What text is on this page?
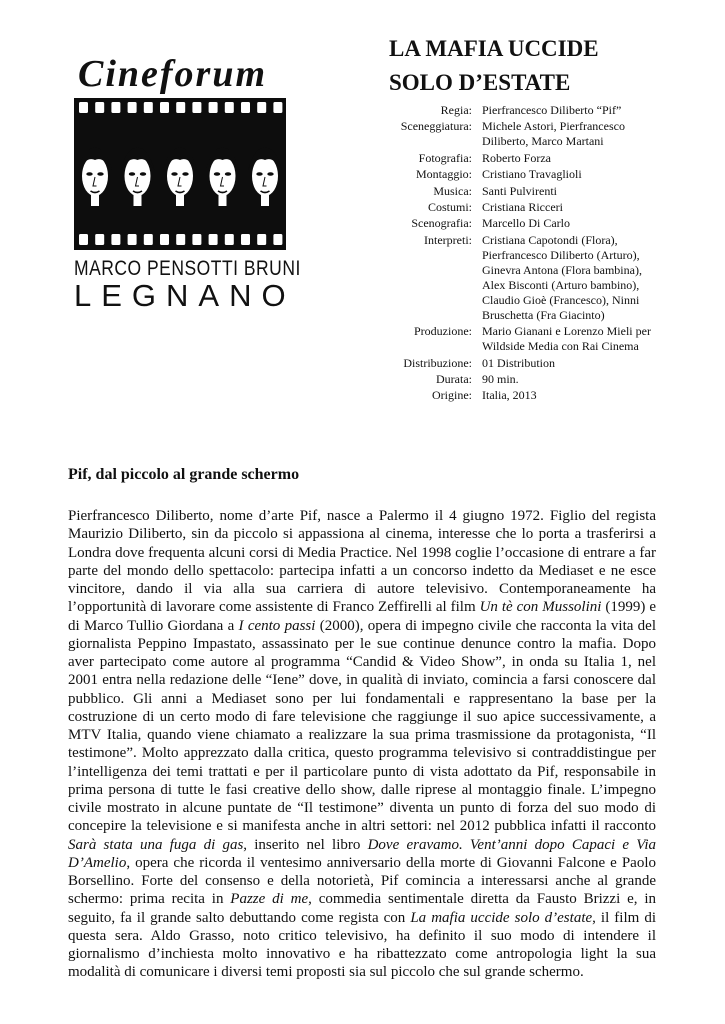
Cineforum
MARCO PENSOTTI BRUNI
LEGNANO
LA MAFIA UCCIDE
SOLO D’ESTATE
Regia: Pierfrancesco Diliberto “Pif”
Sceneggiatura: Michele Astori, Pierfrancesco Diliberto, Marco Martani
Fotografia: Roberto Forza
Montaggio: Cristiano Travaglioli
Musica: Santi Pulvirenti
Costumi: Cristiana Ricceri
Scenografia: Marcello Di Carlo
Interpreti: Cristiana Capotondi (Flora), Pierfrancesco Diliberto (Arturo), Ginevra Antona (Flora bambina), Alex Bisconti (Arturo bambino), Claudio Gioè (Francesco), Ninni Bruschetta (Fra Giacinto)
Produzione: Mario Gianani e Lorenzo Mieli per Wildside Media con Rai Cinema
Distribuzione: 01 Distribution
Durata: 90 min.
Origine: Italia, 2013
Pif, dal piccolo al grande schermo

Pierfrancesco Diliberto, nome d’arte Pif, nasce a Palermo il 4 giugno 1972. Figlio del regista Maurizio Diliberto, sin da piccolo si appassiona al cinema, interesse che lo porta a trasferirsi a Londra dove frequenta alcuni corsi di Media Practice. Nel 1998 coglie l’occasione di entrare a far parte del mondo dello spettacolo: partecipa infatti a un concorso indetto da Mediaset e ne esce vincitore, dando il via alla sua carriera di autore televisivo. Contemporaneamente ha l’opportunità di lavorare come assistente di Franco Zeffirelli al film Un tè con Mussolini (1999) e di Marco Tullio Giordana a I cento passi (2000), opera di impegno civile che racconta la vita del giornalista Peppino Impastato, assassinato per le sue continue denunce contro la mafia. Dopo aver partecipato come autore al programma “Candid & Video Show”, in onda su Italia 1, nel 2001 entra nella redazione delle “Iene” dove, in qualità di inviato, comincia a farsi conoscere dal pubblico. Gli anni a Mediaset sono per lui fondamentali e rappresentano la base per la costruzione di un certo modo di fare televisione che raggiunge il suo apice successivamente, a MTV Italia, quando viene chiamato a realizzare la sua prima trasmissione da protagonista, “Il testimone”. Molto apprezzato dalla critica, questo programma televisivo si contraddistingue per l’intelligenza dei temi trattati e per il particolare punto di vista adottato da Pif, responsabile in prima persona di tutte le fasi creative dello show, dalle riprese al montaggio finale. L’impegno civile mostrato in alcune puntate de “Il testimone” diventa un punto di forza del suo modo di concepire la televisione e si manifesta anche in altri settori: nel 2012 pubblica infatti il racconto Sarà stata una fuga di gas, inserito nel libro Dove eravamo. Vent’anni dopo Capaci e Via D’Amelio, opera che ricorda il ventesimo anniversario della morte di Giovanni Falcone e Paolo Borsellino. Forte del consenso e della notorietà, Pif comincia a interessarsi anche al grande schermo: prima recita in Pazze di me, commedia sentimentale diretta da Fausto Brizzi e, in seguito, fa il grande salto debuttando come regista con La mafia uccide solo d’estate, il film di questa sera. Aldo Grasso, noto critico televisivo, ha definito il suo modo di intendere il giornalismo d’inchiesta molto innovativo e ha ribattezzato come antropologia light la sua modalità di comunicare i diversi temi proposti sia sul piccolo che sul grande schermo.
